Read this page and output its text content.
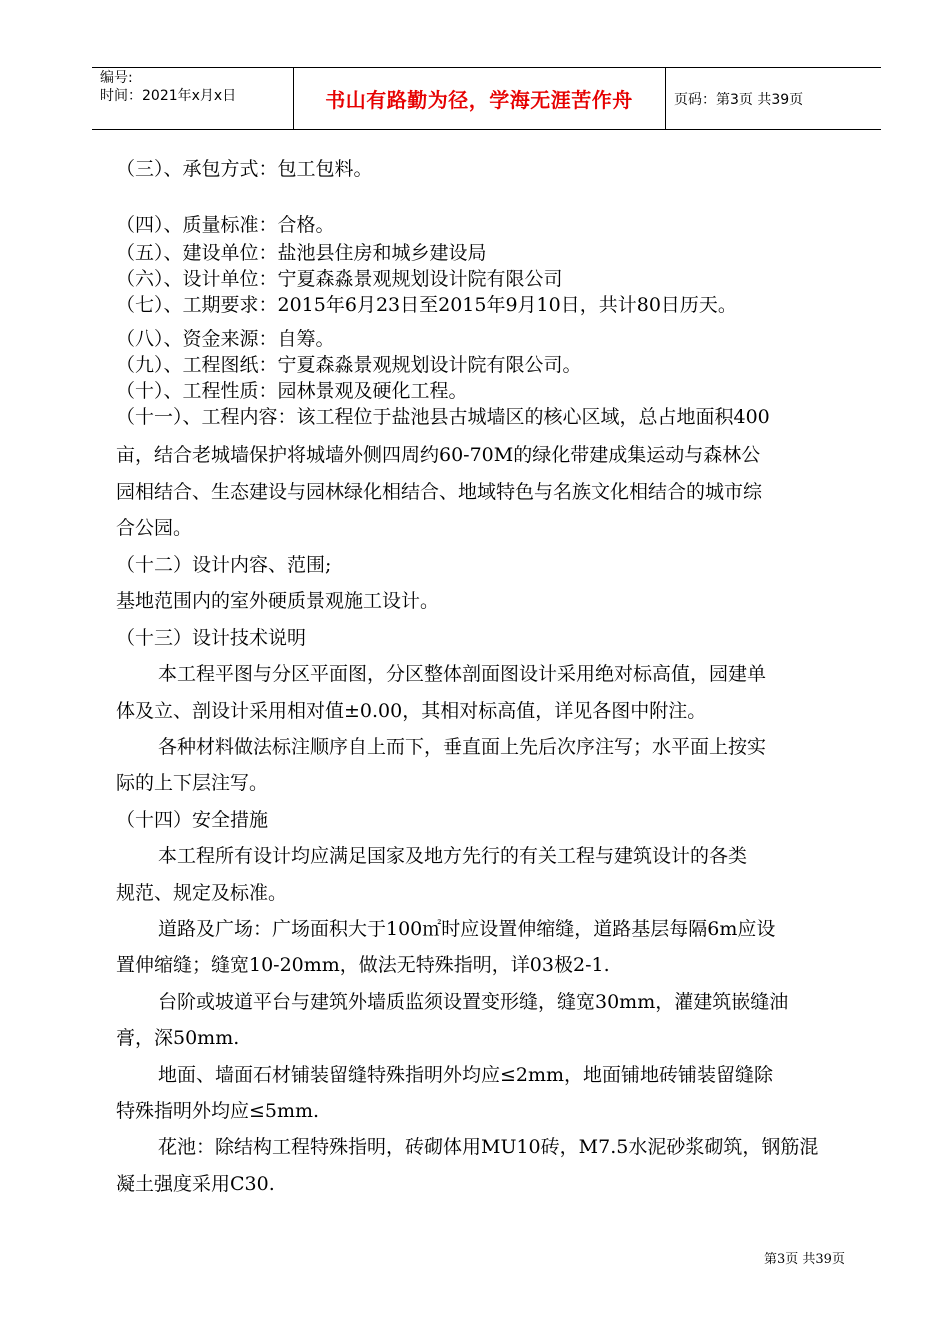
编号:
时间：2021年x月x日	书山有路勤为径，学海无涯苦作舟	页码：第3页 共39页
（三）、承包方式：包工包料。
（四）、质量标准：合格。
（五）、建设单位：盐池县住房和城乡建设局
（六）、设计单位：宁夏森淼景观规划设计院有限公司
（七）、工期要求：2015年6月23日至2015年9月10日，共计80日历天。
（八）、资金来源：自筹。
（九）、工程图纸：宁夏森淼景观规划设计院有限公司。
（十）、工程性质：园林景观及硬化工程。
（十一）、工程内容：该工程位于盐池县古城墙区的核心区域，总占地面积400
亩，结合老城墙保护将城墙外侧四周约60-70M的绿化带建成集运动与森林公
园相结合、生态建设与园林绿化相结合、地域特色与名族文化相结合的城市综
合公园。
（十二）设计内容、范围;
基地范围内的室外硬质景观施工设计。
（十三）设计技术说明
本工程平图与分区平面图，分区整体剖面图设计采用绝对标高值，园建单
体及立、剖设计采用相对值±0.00，其相对标高值，详见各图中附注。
各种材料做法标注顺序自上而下，垂直面上先后次序注写；水平面上按实
际的上下层注写。
（十四）安全措施
本工程所有设计均应满足国家及地方先行的有关工程与建筑设计的各类
规范、规定及标准。
道路及广场：广场面积大于100㎡时应设置伸缩缝，道路基层每隔6m应设
置伸缩缝；缝宽10-20mm，做法无特殊指明，详03极2-1.
台阶或坡道平台与建筑外墙质监须设置变形缝，缝宽30mm，灌建筑嵌缝油
膏，深50mm.
地面、墙面石材铺装留缝特殊指明外均应≤2mm，地面铺地砖铺装留缝除
特殊指明外均应≤5mm.
花池：除结构工程特殊指明，砖砌体用MU10砖，M7.5水泥砂浆砌筑，钢筋混
凝土强度采用C30.
第3页 共39页
